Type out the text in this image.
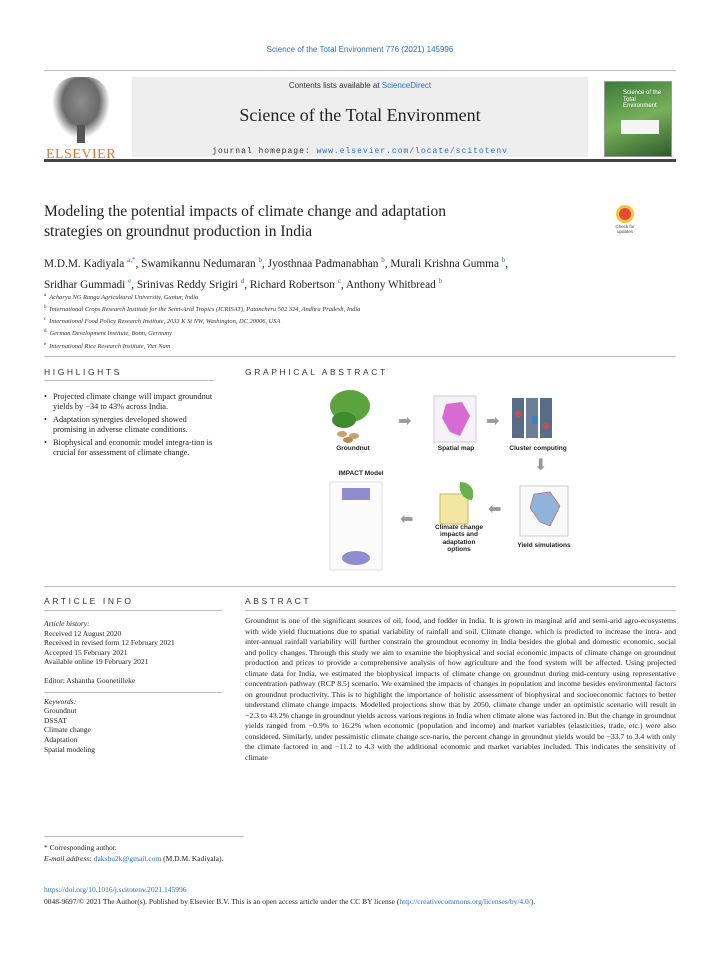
Science of the Total Environment 776 (2021) 145996
ELSEVIER
Contents lists available at ScienceDirect
Science of the Total Environment
journal homepage: www.elsevier.com/locate/scitotenv
Science of the Total Environment
Modeling the potential impacts of climate change and adaptation
strategies on groundnut production in India	Check for
updates
M.D.M. Kadiyala $^{a,*}$, Swamikannu Nedumaran $^b$, Jyosthnaa Padmanabhan $^b$, Murali Krishna Gumma $^b$,
Sridhar Gummadi $^e$, Srinivas Reddy Srigiri $^d$, Richard Robertson $^c$, Anthony Whitbread $^b$
$^a$ Acharya NG Ranga Agricultural University, Guntur, India
$^b$ International Crops Research Institute for the Semi-Arid Tropics (ICRISAT), Patancheru 502 324, Andhra Pradesh, India
$^c$ International Food Policy Research Institute, 2033 K St NW, Washington, DC 20006, USA
$^d$ German Development Institute, Bonn, Germany
$^e$ International Rice Research Institute, Viet Nam
HIGHLIGHTS
• Projected climate change will impact groundnut yields by −34 to 43% across India.
• Adaptation synergies developed showed promising in adverse climate conditions.
• Biophysical and economic model integra-tion is crucial for assessment of climate change.
GRAPHICAL ABSTRACT
Groundnut	Spatial map	Cluster computing
IMPACT Model
Climate change
impacts and
adaptation
options
Yield simulations
➡	➡
⬇
⬅
⬅
ARTICLE INFO
Article history:
Received 12 August 2020
Received in revised form 12 February 2021
Accepted 15 February 2021
Available online 19 February 2021
Editor: Ashantha Goonetilleke
Keywords:
Groundnut
DSSAT
Climate change
Adaptation
Spatial modeling
ABSTRACT
Groundnut is one of the significant sources of oil, food, and fodder in India. It is grown in marginal arid and semi-arid agro-ecosystems with wide yield fluctuations due to spatial variability of rainfall and soil. Climate change, which is predicted to increase the intra- and inter-annual rainfall variability will further constrain the groundnut economy in India besides the global and domestic economic, social and policy changes. Through this study we aim to examine the biophysical and social economic impacts of climate change on groundnut production and prices to provide a comprehensive analysis of how agriculture and the food system will be affected. Using projected climate data for India, we estimated the biophysical impacts of climate change on groundnut during mid-century using representative concentration pathway (RCP 8.5) scenario. We examined the impacts of changes in population and income besides environmental factors on groundnut productivity. This is to highlight the importance of holistic assessment of biophysical and socioeconomic factors to better understand climate change impacts. Modelled projections show that by 2050, climate change under an optimistic scenario will result in −2.3 to 43.2% change in groundnut yields across various regions in India when climate alone was factored in. But the change in groundnut yields ranged from −0.9% to 16.2% when economic (population and income) and market variables (elasticities, trade, etc.) were also considered. Similarly, under pessimistic climate change sce-nario, the percent change in groundnut yields would be −33.7 to 3.4 with only the climate factored in and −11.2 to 4.3 with the additional economic and market variables included. This indicates the sensitivity of climate
* Corresponding author.
E-mail address: dakshu2k@gmail.com (M.D.M. Kadiyala).
https://doi.org/10.1016/j.scitotenv.2021.145996
0048-9697/© 2021 The Author(s). Published by Elsevier B.V. This is an open access article under the CC BY license (http://creativecommons.org/licenses/by/4.0/).
